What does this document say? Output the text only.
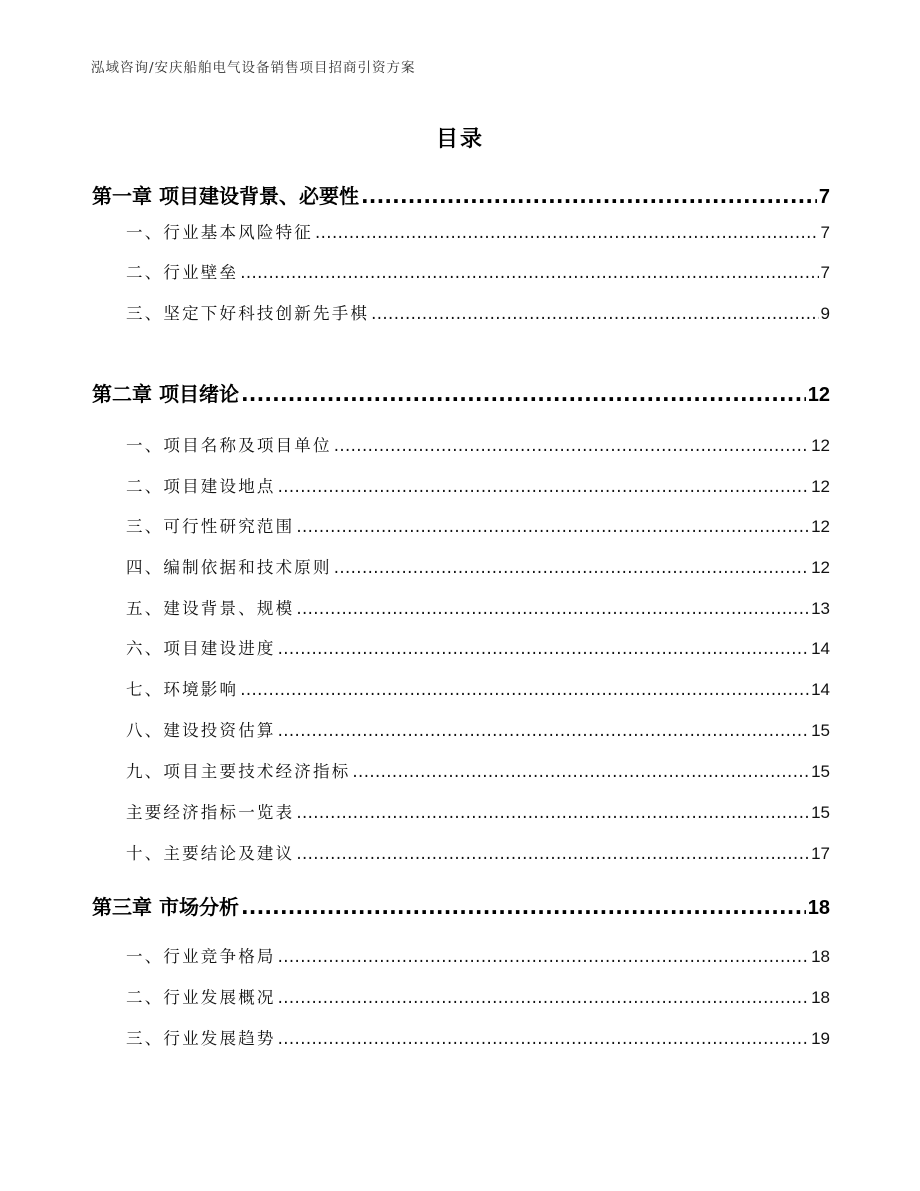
泓域咨询/安庆船舶电气设备销售项目招商引资方案
目录
第一章 项目建设背景、必要性 .....	7
一、 行业基本风险特征 .....	7
二、 行业壁垒 .....	7
三、 坚定下好科技创新先手棋 .....	9
第二章 项目绪论 .....	12
一、 项目名称及项目单位 .....	12
二、 项目建设地点 .....	12
三、 可行性研究范围 .....	12
四、 编制依据和技术原则 .....	12
五、 建设背景、规模 .....	13
六、 项目建设进度 .....	14
七、 环境影响 .....	14
八、 建设投资估算 .....	15
九、 项目主要技术经济指标 .....	15
主要经济指标一览表 .....	15
十、 主要结论及建议 .....	17
第三章 市场分析 .....	18
一、 行业竞争格局 .....	18
二、 行业发展概况 .....	18
三、 行业发展趋势 .....	19
